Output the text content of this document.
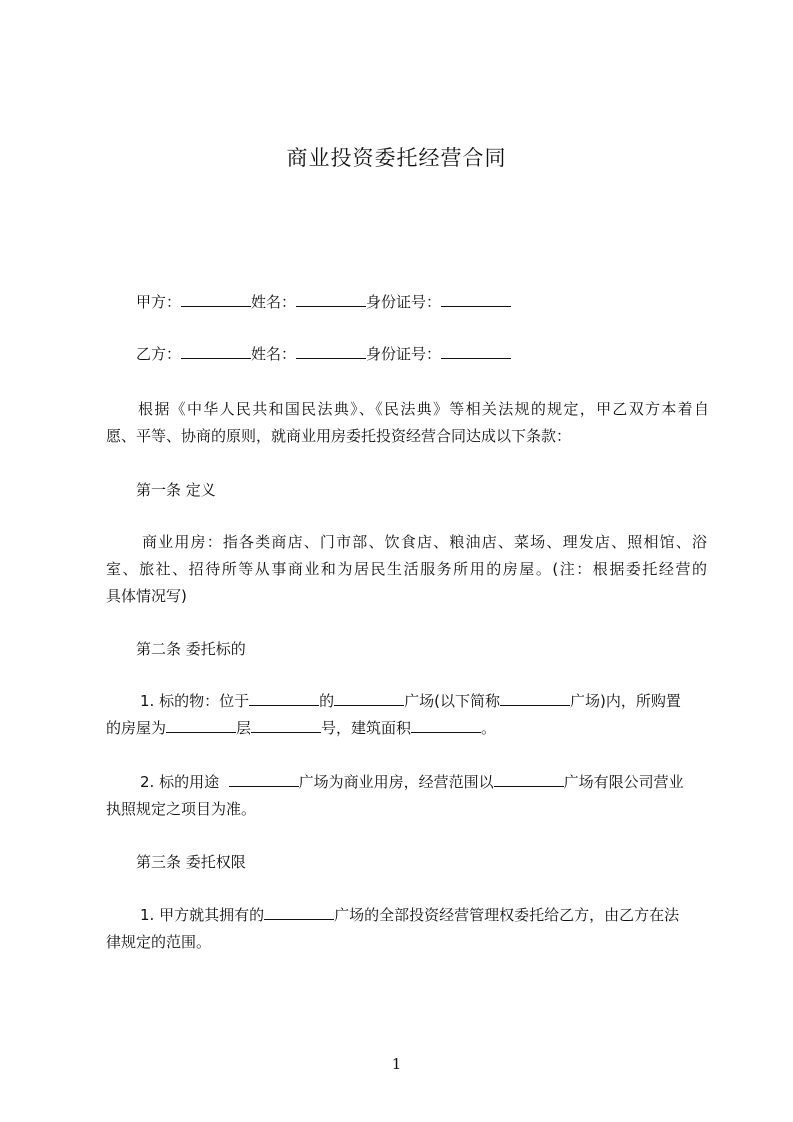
商业投资委托经营合同
甲方：	姓名：	身份证号：
乙方：	姓名：	身份证号：
根据《中华人民共和国民法典》、《民法典》等相关法规的规定，甲乙双方本着自
愿、平等、协商的原则，就商业用房委托投资经营合同达成以下条款：
第一条 定义
商业用房：指各类商店、门市部、饮食店、粮油店、菜场、理发店、照相馆、浴
室、旅社、招待所等从事商业和为居民生活服务所用的房屋。(注：根据委托经营的
具体情况写)
第二条 委托标的
1. 标的物：位于	的	广场(以下简称	广场)内，所购置
的房屋为	层	号，建筑面积	。
2. 标的用途	广场为商业用房，经营范围以	广场有限公司营业
执照规定之项目为准。
第三条 委托权限
1. 甲方就其拥有的	广场的全部投资经营管理权委托给乙方，由乙方在法
律规定的范围。
1
